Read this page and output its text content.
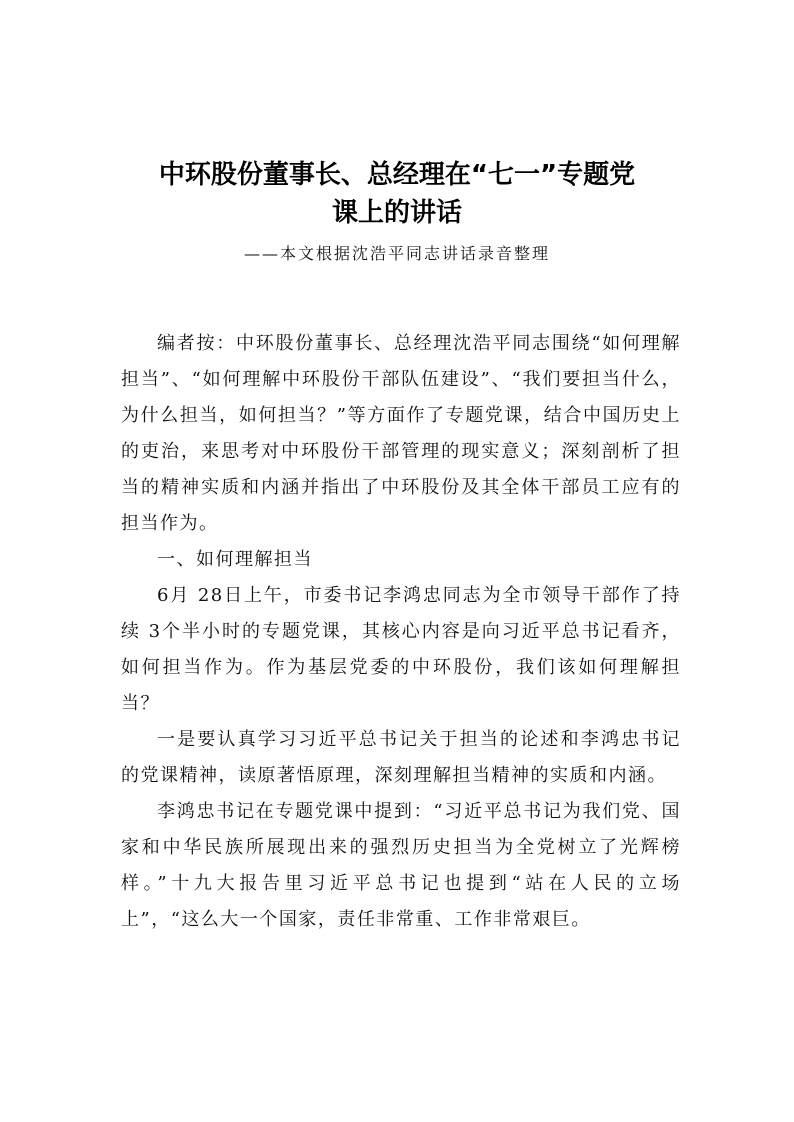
中环股份董事长、总经理在“七一”专题党
课上的讲话
——本文根据沈浩平同志讲话录音整理

编者按：中环股份董事长、总经理沈浩平同志围绕“如何理解担当”、“如何理解中环股份干部队伍建设”、“我们要担当什么，为什么担当，如何担当？”等方面作了专题党课，结合中国历史上的吏治，来思考对中环股份干部管理的现实意义；深刻剖析了担当的精神实质和内涵并指出了中环股份及其全体干部员工应有的担当作为。

一、如何理解担当

6月 28日上午，市委书记李鸿忠同志为全市领导干部作了持续 3个半小时的专题党课，其核心内容是向习近平总书记看齐，如何担当作为。作为基层党委的中环股份，我们该如何理解担当？

一是要认真学习习近平总书记关于担当的论述和李鸿忠书记的党课精神，读原著悟原理，深刻理解担当精神的实质和内涵。

李鸿忠书记在专题党课中提到：“习近平总书记为我们党、国家和中华民族所展现出来的强烈历史担当为全党树立了光辉榜样。”十九大报告里习近平总书记也提到“站在人民的立场上”，“这么大一个国家，责任非常重、工作非常艰巨。
